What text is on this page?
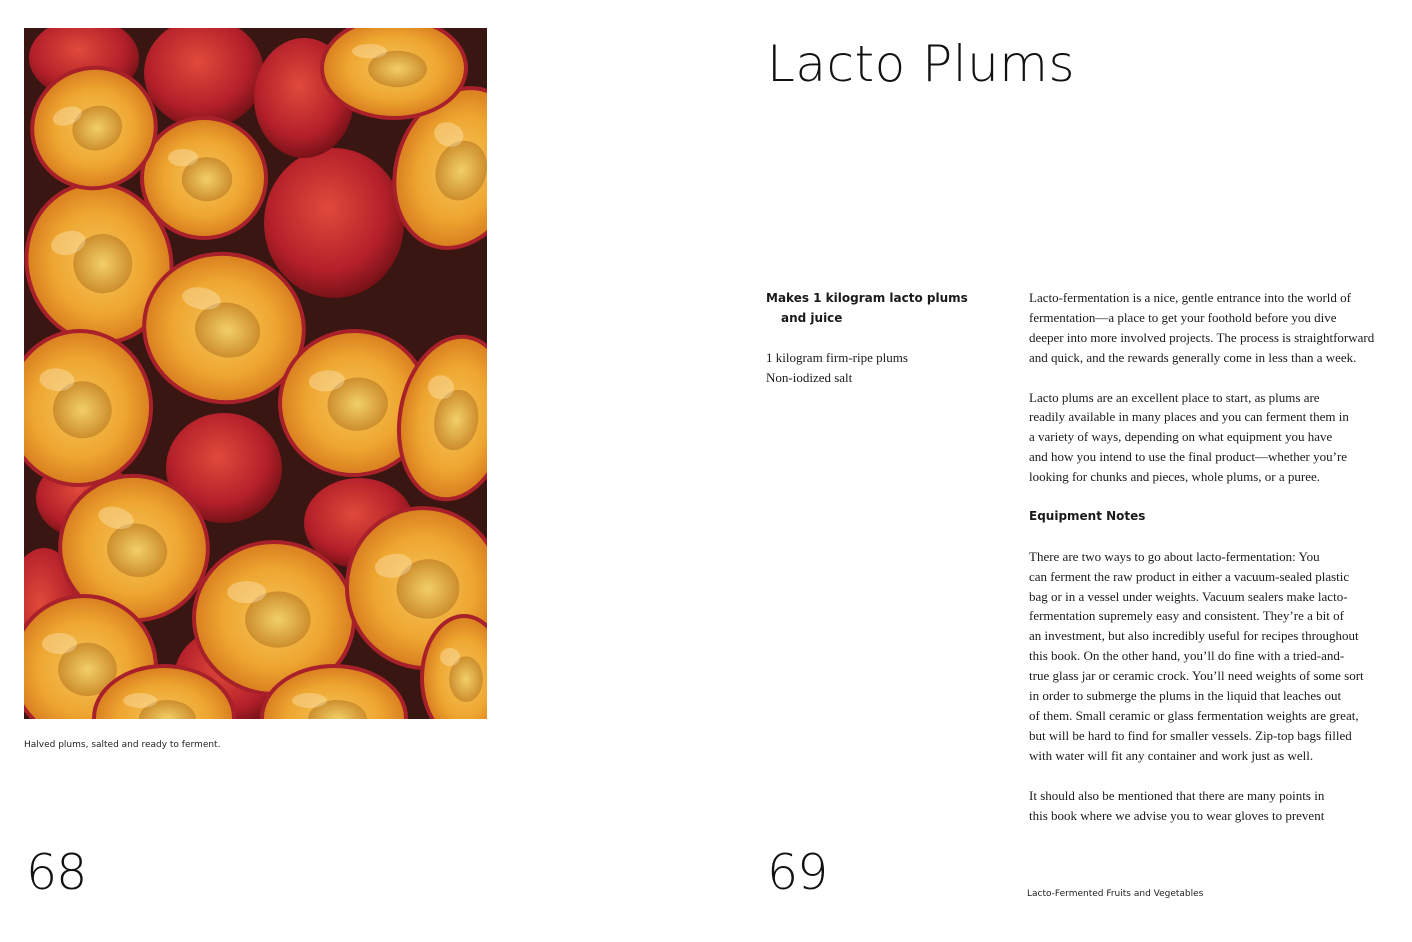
Halved plums, salted and ready to ferment.
68
Lacto Plums

Makes 1 kilogram lacto plums
and juice

1 kilogram firm-ripe plums
Non-iodized salt

Lacto-fermentation is a nice, gentle entrance into the world of
fermentation—a place to get your foothold before you dive
deeper into more involved projects. The process is straightforward
and quick, and the rewards generally come in less than a week.

Lacto plums are an excellent place to start, as plums are
readily available in many places and you can ferment them in
a variety of ways, depending on what equipment you have
and how you intend to use the final product—whether you’re
looking for chunks and pieces, whole plums, or a puree.

Equipment Notes

There are two ways to go about lacto-fermentation: You
can ferment the raw product in either a vacuum-sealed plastic
bag or in a vessel under weights. Vacuum sealers make lacto-
fermentation supremely easy and consistent. They’re a bit of
an investment, but also incredibly useful for recipes throughout
this book. On the other hand, you’ll do fine with a tried-and-
true glass jar or ceramic crock. You’ll need weights of some sort
in order to submerge the plums in the liquid that leaches out
of them. Small ceramic or glass fermentation weights are great,
but will be hard to find for smaller vessels. Zip-top bags filled
with water will fit any container and work just as well.

It should also be mentioned that there are many points in
this book where we advise you to wear gloves to prevent

69	Lacto-Fermented Fruits and Vegetables
